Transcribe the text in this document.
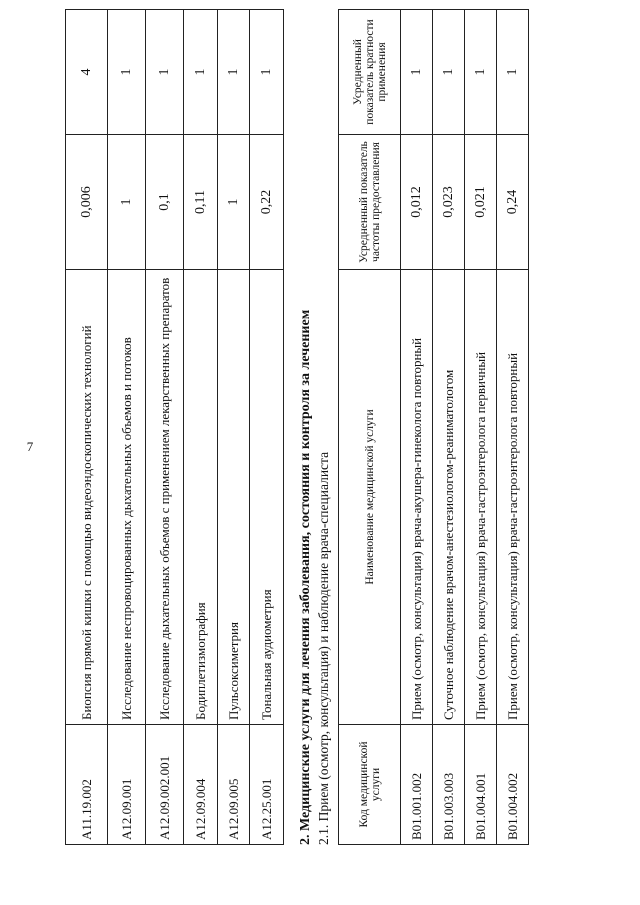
7
A11.19.002	Биопсия прямой кишки с помощью видеоэндоскопических технологий	0,006	4
A12.09.001	Исследование неспровоцированных дыхательных объемов и потоков	1	1
A12.09.002.001	Исследование дыхательных объемов с применением лекарственных препаратов	0,1	1
A12.09.004	Бодиплетизмография	0,11	1
A12.09.005	Пульсоксиметрия	1	1
A12.25.001	Тональная аудиометрия	0,22	1
2. Медицинские услуги для лечения заболевания, состояния и контроля за лечением 2.1. Прием (осмотр, консультация) и наблюдение врача-специалиста Код медицинской услуги	Наименование медицинской услуги	Усредненный показатель частоты предоставления	Усредненный показатель кратности применения
B01.001.002	Прием (осмотр, консультация) врача-акушера-гинеколога повторный	0,012	1
B01.003.003	Суточное наблюдение врачом-анестезиологом-реаниматологом	0,023	1
B01.004.001	Прием (осмотр, консультация) врача-гастроэнтеролога первичный	0,021	1
B01.004.002	Прием (осмотр, консультация) врача-гастроэнтеролога повторный	0,24	1
